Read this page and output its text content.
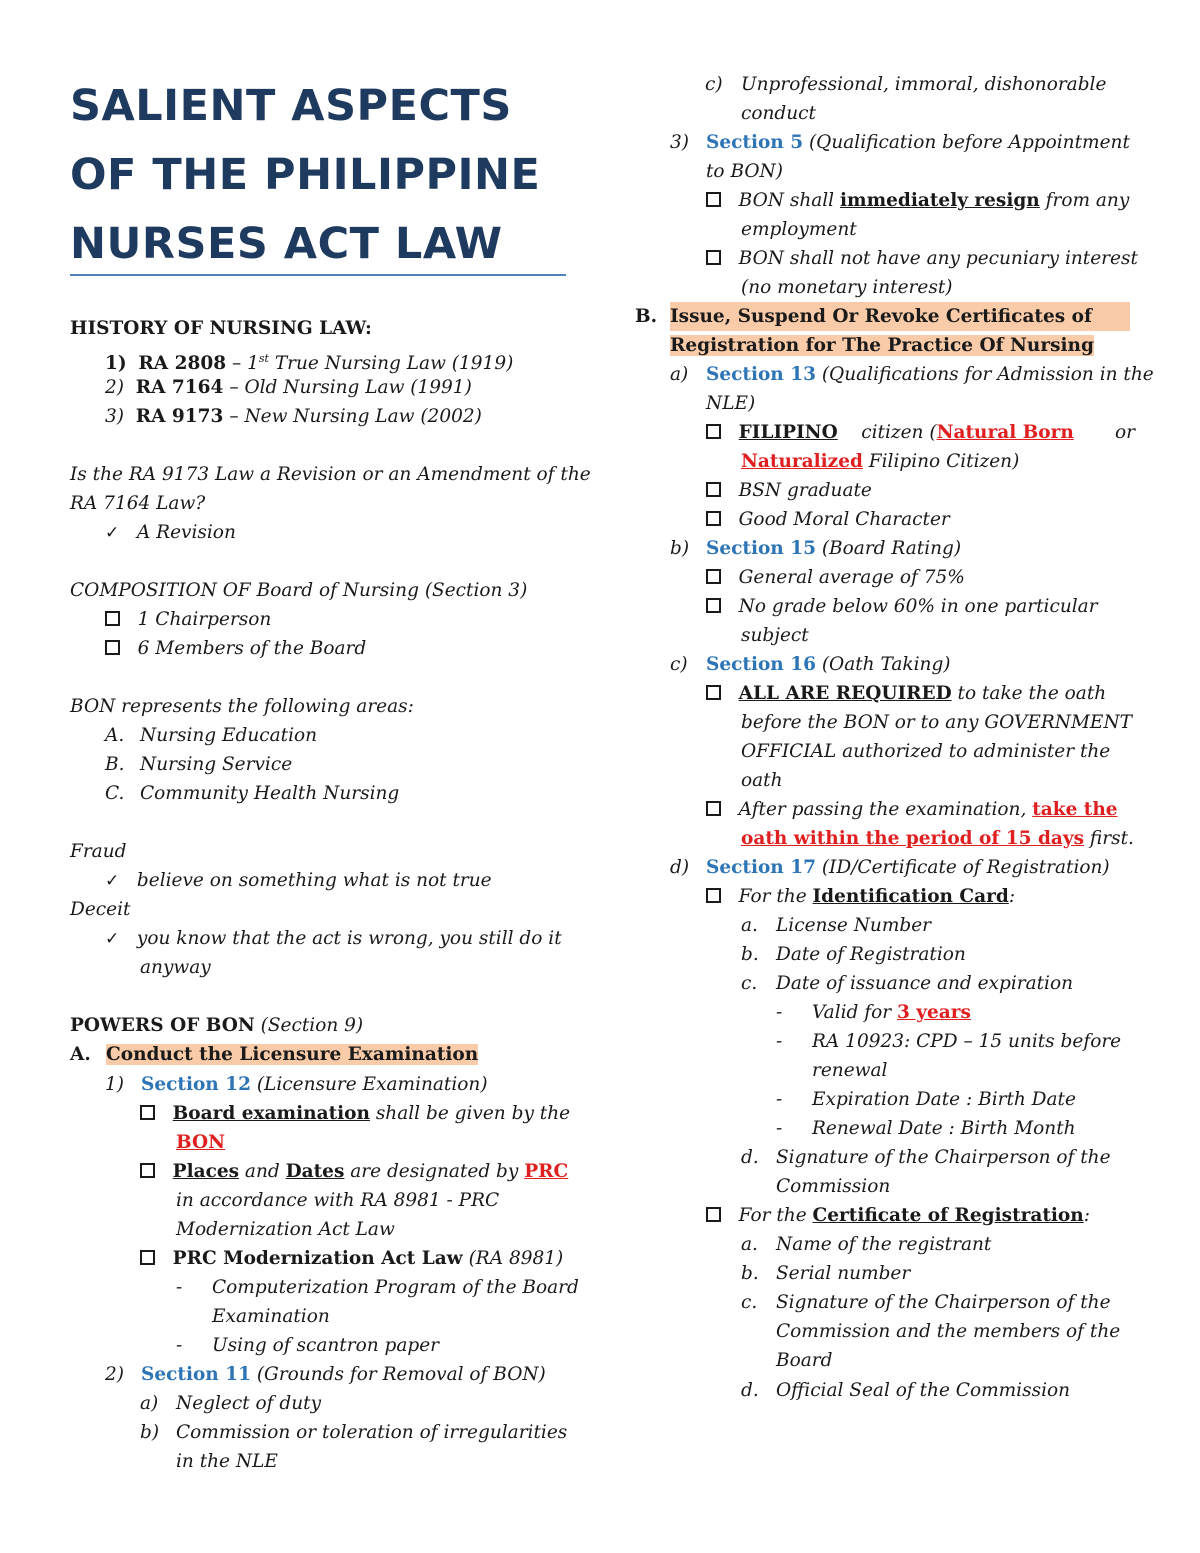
SALIENT ASPECTS
OF THE PHILIPPINE
NURSES ACT LAW
HISTORY OF NURSING LAW:
1) RA 2808 – 1st True Nursing Law (1919)
2) RA 7164 – Old Nursing Law (1991)
3) RA 9173 – New Nursing Law (2002)
Is the RA 9173 Law a Revision or an Amendment of the
RA 7164 Law?
✓ A Revision
COMPOSITION OF Board of Nursing (Section 3)
1 Chairperson
6 Members of the Board
BON represents the following areas:
A. Nursing Education
B. Nursing Service
C. Community Health Nursing
Fraud
✓ believe on something what is not true
Deceit
✓ you know that the act is wrong, you still do it
anyway
POWERS OF BON (Section 9)
A. Conduct the Licensure Examination
1) Section 12 (Licensure Examination)
Board examination shall be given by the
BON
Places and Dates are designated by PRC
in accordance with RA 8981 - PRC
Modernization Act Law
PRC Modernization Act Law (RA 8981)
- Computerization Program of the Board
Examination
- Using of scantron paper
2) Section 11 (Grounds for Removal of BON)
a) Neglect of duty
b) Commission or toleration of irregularities
in the NLE
c) Unprofessional, immoral, dishonorable
conduct
3) Section 5 (Qualification before Appointment
to BON)
BON shall immediately resign from any
employment
BON shall not have any pecuniary interest
(no monetary interest)
B. Issue, Suspend Or Revoke Certificates of
Registration for The Practice Of Nursing
a) Section 13 (Qualifications for Admission in the
NLE)
FILIPINO citizen (Natural Born or
Naturalized Filipino Citizen)
BSN graduate
Good Moral Character
b) Section 15 (Board Rating)
General average of 75%
No grade below 60% in one particular
subject
c) Section 16 (Oath Taking)
ALL ARE REQUIRED to take the oath
before the BON or to any GOVERNMENT
OFFICIAL authorized to administer the
oath
After passing the examination, take the
oath within the period of 15 days first.
d) Section 17 (ID/Certificate of Registration)
For the Identification Card:
a. License Number
b. Date of Registration
c. Date of issuance and expiration
- Valid for 3 years
- RA 10923: CPD – 15 units before
renewal
- Expiration Date : Birth Date
- Renewal Date : Birth Month
d. Signature of the Chairperson of the
Commission
For the Certificate of Registration:
a. Name of the registrant
b. Serial number
c. Signature of the Chairperson of the
Commission and the members of the
Board
d. Official Seal of the Commission
